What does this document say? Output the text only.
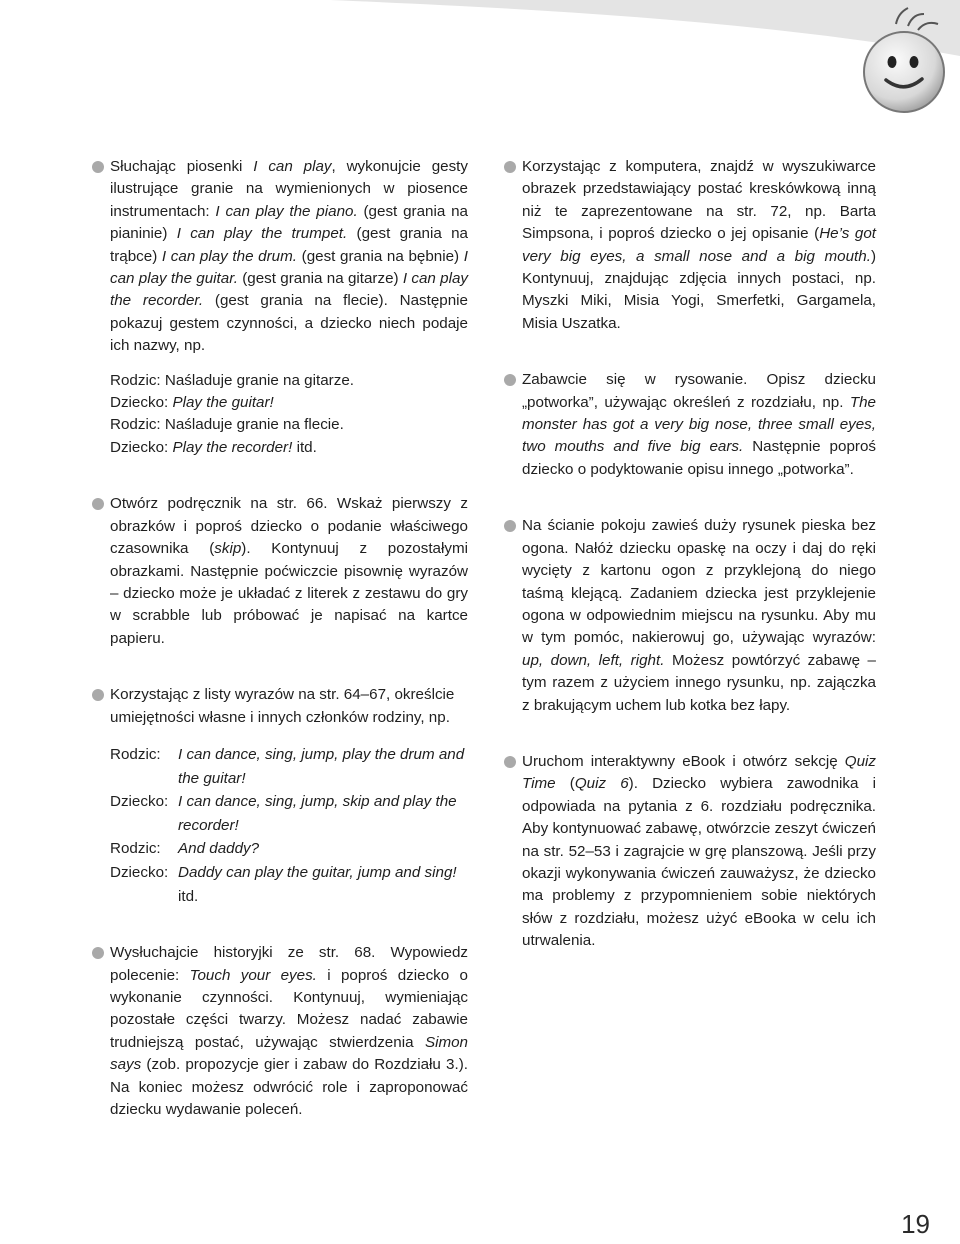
Słuchając piosenki I can play, wykonujcie gesty ilustrujące granie na wymienionych w piosence instrumentach: I can play the piano. (gest grania na pianinie) I can play the trumpet. (gest grania na trąbce) I can play the drum. (gest grania na bębnie) I can play the guitar. (gest grania na gitarze) I can play the recorder. (gest grania na flecie). Następnie pokazuj gestem czynności, a dziecko niech podaje ich nazwy, np.

Rodzic: Naśladuje granie na gitarze.

Dziecko: Play the guitar!

Rodzic: Naśladuje granie na flecie.

Dziecko: Play the recorder! itd.

Otwórz podręcznik na str. 66. Wskaż pierwszy z obrazków i poproś dziecko o podanie właściwego czasownika (skip). Kontynuuj z pozostałymi obrazkami. Następnie poćwiczcie pisownię wyrazów – dziecko może je układać z literek z zestawu do gry w scrabble lub próbować je napisać na kartce papieru.

Korzystając z listy wyrazów na str. 64–67, określcie umiejętności własne i innych członków rodziny, np.

Rodzic:	I can dance, sing, jump, play the drum and the guitar!
Dziecko: I can dance, sing, jump, skip and play the recorder!
Rodzic:	And daddy?
Dziecko: Daddy can play the guitar, jump and sing! itd.

Wysłuchajcie historyjki ze str. 68. Wypowiedz polecenie: Touch your eyes. i poproś dziecko o wykonanie czynności. Kontynuuj, wymieniając pozostałe części twarzy. Możesz nadać zabawie trudniejszą postać, używając stwierdzenia Simon says (zob. propozycje gier i zabaw do Rozdziału 3.). Na koniec możesz odwrócić role i zaproponować dziecku wydawanie poleceń.

Korzystając z komputera, znajdź w wyszukiwarce obrazek przedstawiający postać kreskówkową inną niż te zaprezentowane na str. 72, np. Barta Simpsona, i poproś dziecko o jej opisanie (He’s got very big eyes, a small nose and a big mouth.) Kontynuuj, znajdując zdjęcia innych postaci, np. Myszki Miki, Misia Yogi, Smerfetki, Gargamela, Misia Uszatka.

Zabawcie się w rysowanie. Opisz dziecku „potworka”, używając określeń z rozdziału, np. The monster has got a very big nose, three small eyes, two mouths and five big ears. Następnie poproś dziecko o podyktowanie opisu innego „potworka”.

Na ścianie pokoju zawieś duży rysunek pieska bez ogona. Nałóż dziecku opaskę na oczy i daj do ręki wycięty z kartonu ogon z przyklejoną do niego taśmą klejącą. Zadaniem dziecka jest przyklejenie ogona w odpowiednim miejscu na rysunku. Aby mu w tym pomóc, nakierowuj go, używając wyrazów: up, down, left, right. Możesz powtórzyć zabawę – tym razem z użyciem innego rysunku, np. zajączka z brakującym uchem lub kotka bez łapy.

Uruchom interaktywny eBook i otwórz sekcję Quiz Time (Quiz 6). Dziecko wybiera zawodnika i odpowiada na pytania z 6. rozdziału podręcznika. Aby kontynuować zabawę, otwórzcie zeszyt ćwiczeń na str. 52–53 i zagrajcie w grę planszową. Jeśli przy okazji wykonywania ćwiczeń zauważysz, że dziecko ma problemy z przypomnieniem sobie niektórych słów z rozdziału, możesz użyć eBooka w celu ich utrwalenia.

19
